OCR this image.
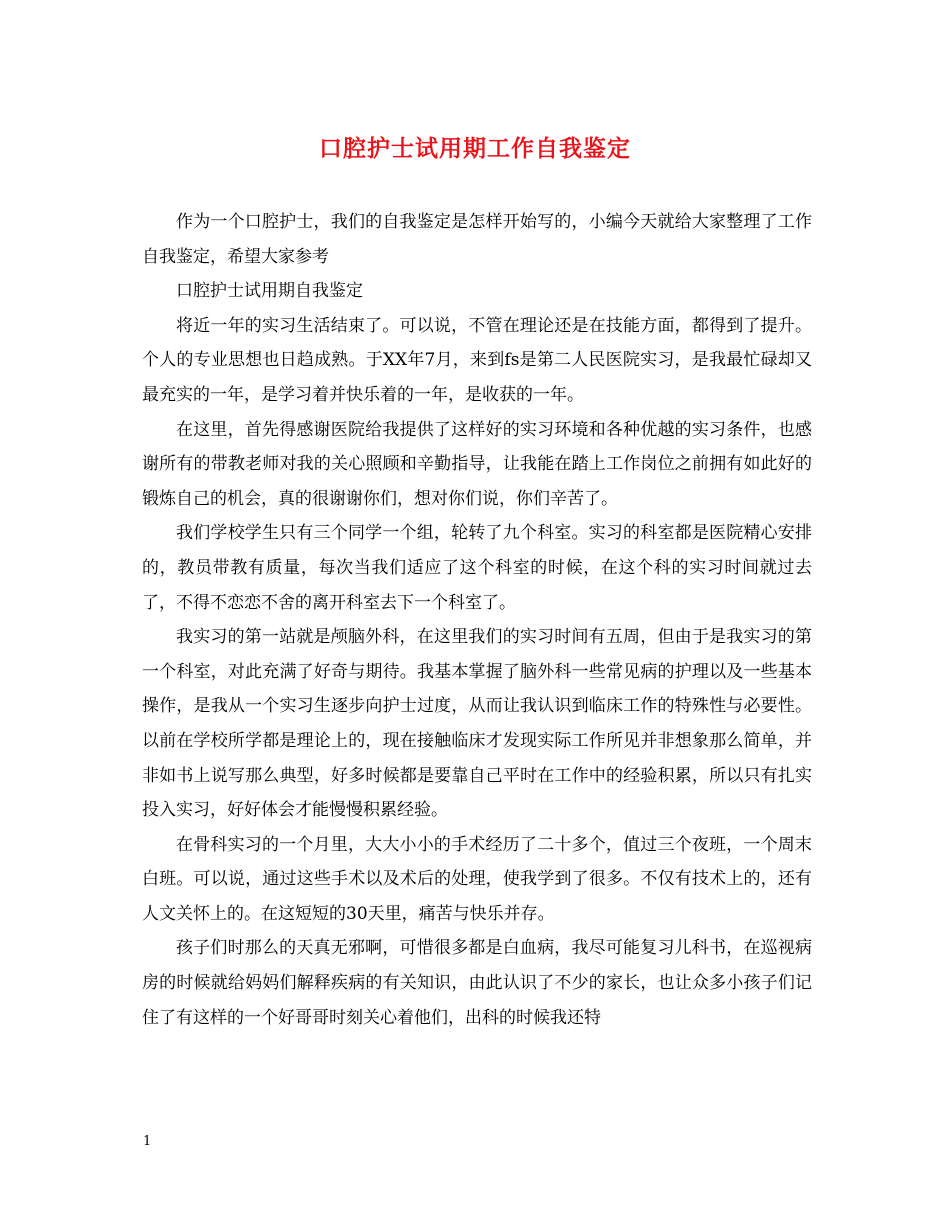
口腔护士试用期工作自我鉴定

作为一个口腔护士，我们的自我鉴定是怎样开始写的，小编今天就给大家整理了工作自我鉴定，希望大家参考

口腔护士试用期自我鉴定

将近一年的实习生活结束了。可以说，不管在理论还是在技能方面，都得到了提升。个人的专业思想也日趋成熟。于XX年7月，来到fs是第二人民医院实习，是我最忙碌却又最充实的一年，是学习着并快乐着的一年，是收获的一年。

在这里，首先得感谢医院给我提供了这样好的实习环境和各种优越的实习条件，也感谢所有的带教老师对我的关心照顾和辛勤指导，让我能在踏上工作岗位之前拥有如此好的锻炼自己的机会，真的很谢谢你们，想对你们说，你们辛苦了。

我们学校学生只有三个同学一个组，轮转了九个科室。实习的科室都是医院精心安排的，教员带教有质量，每次当我们适应了这个科室的时候，在这个科的实习时间就过去了，不得不恋恋不舍的离开科室去下一个科室了。

我实习的第一站就是颅脑外科，在这里我们的实习时间有五周，但由于是我实习的第一个科室，对此充满了好奇与期待。我基本掌握了脑外科一些常见病的护理以及一些基本操作，是我从一个实习生逐步向护士过度，从而让我认识到临床工作的特殊性与必要性。以前在学校所学都是理论上的，现在接触临床才发现实际工作所见并非想象那么简单，并非如书上说写那么典型，好多时候都是要靠自己平时在工作中的经验积累，所以只有扎实投入实习，好好体会才能慢慢积累经验。

在骨科实习的一个月里，大大小小的手术经历了二十多个，值过三个夜班，一个周末白班。可以说，通过这些手术以及术后的处理，使我学到了很多。不仅有技术上的，还有人文关怀上的。在这短短的30天里，痛苦与快乐并存。

孩子们时那么的天真无邪啊，可惜很多都是白血病，我尽可能复习儿科书，在巡视病房的时候就给妈妈们解释疾病的有关知识，由此认识了不少的家长，也让众多小孩子们记住了有这样的一个好哥哥时刻关心着他们，出科的时候我还特

1
